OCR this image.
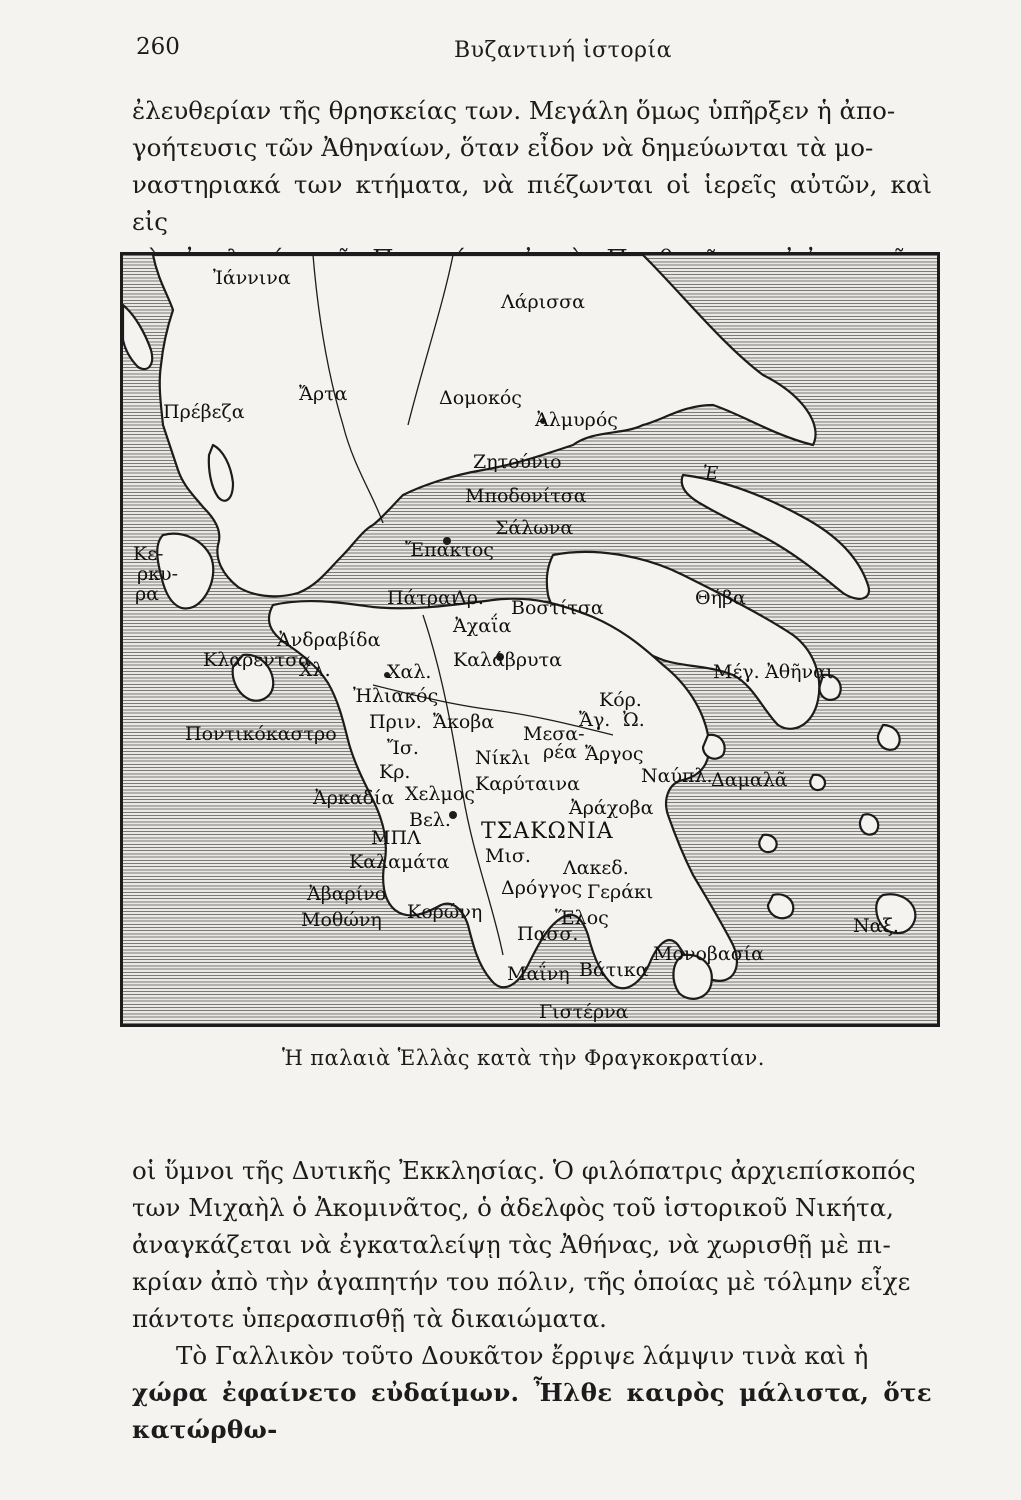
260	Βυζαντινή ἱστορία

ἐλευθερίαν τῆς θρησκείας των. Μεγάλη ὅμως ὑπῆρξεν ἡ ἀπο-

γοήτευσις τῶν Ἀθηναίων, ὅταν εἶδον νὰ δημεύωνται τὰ μο-

ναστηριακά των κτήματα, νὰ πιέζωνται οἱ ἱερεῖς αὐτῶν, καὶ εἰς

Ἰάννινα
Λάρισσα
Ἄρτα	Δομοκός
Πρέβεζα	Ἀλμυρός
Ζητούνιο
Μποδονίτσα
Σάλωνα
Ἔπακτος
Κε-
ρκυ-
ρα	Πάτραι
Δρ. Βοστίτσα	Θήβα
Ἀχαΐα
Ἀνδραβίδα
Κλαρεντσα
Χλ.	Χαλ.
Καλάβρυτα
Μέγ. Ἀθῆναι
Ἠλιακός
Πριν. Ἄκοβα
Κόρ.
Ἄγ. Ὠ.
Ποντικόκαστρο
Ἴσ.
Μεσα-
ρέα
Νίκλι	Ἄργος
Ναύπλ.
Δαμαλᾶ
Κρ.
Καρύταινα
Ἀρκαδία Χελμος
Βελ.
Ἀράχοβα
ΜΠΛ	ΤΣΑΚΩΝΙΑ
Καλαμάτα Μισ.
Λακεδ.
Γεράκι
Ἀβαρίνο	Δρόγγος
Μοθώνη Κορώνη	Ἕλος
Πασσ.	Ναξ.
Μαΐνη Βάτικα
Μονοβασία
Γιστέρνα
Ἐ
Ἡ παλαιὰ Ἑλλὰς κατὰ τὴν Φραγκοκρατίαν.

οἱ ὕμνοι τῆς Δυτικῆς Ἐκκλησίας. Ὁ φιλόπατρις ἀρχιεπίσκοπός

των Μιχαὴλ ὁ Ἀκομινᾶτος, ὁ ἀδελφὸς τοῦ ἱστορικοῦ Νικήτα,

ἀναγκάζεται νὰ ἐγκαταλείψῃ τὰς Ἀθήνας, νὰ χωρισθῇ μὲ πι-

κρίαν ἀπὸ τὴν ἀγαπητήν του πόλιν, τῆς ὁποίας μὲ τόλμην εἶχε

πάντοτε ὑπερασπισθῇ τὰ δικαιώματα.

Τὸ Γαλλικὸν τοῦτο Δουκᾶτον ἔρριψε λάμψιν τινὰ καὶ ἡ

χώρα ἐφαίνετο εὐδαίμων. Ἦλθε καιρὸς μάλιστα, ὅτε κατώρθω-
